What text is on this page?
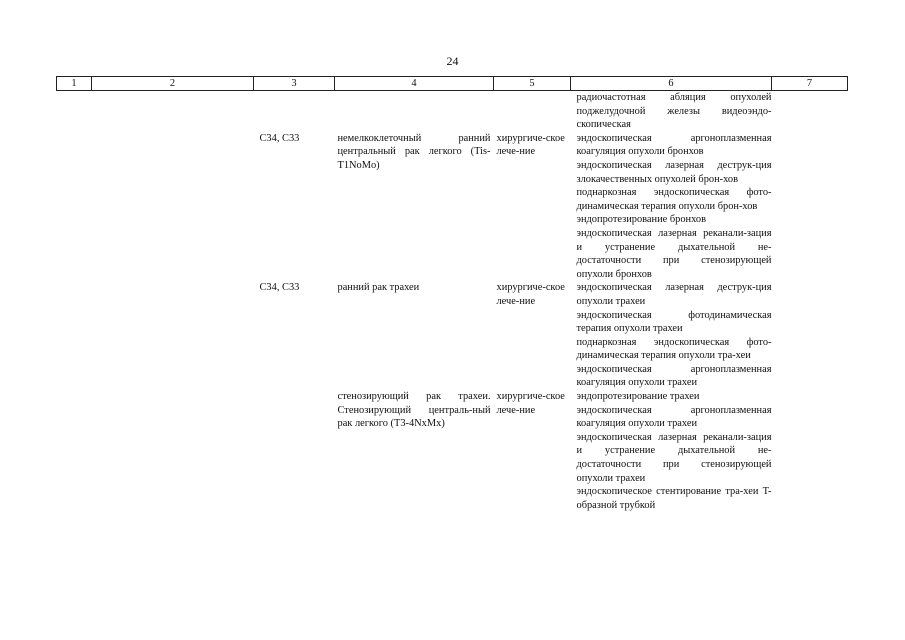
24
1	2	3	4	5	6	7

					радиочастотная абляция опухолей поджелудочной железы видеоэндо-скопическая	

		C34, C33	немелкоклеточный ранний центральный рак легкого (Tis-T1NoMo)	хирургиче-ское лече-ние	эндоскопическая аргоноплазменная коагуляция опухоли бронхов
эндоскопическая лазерная деструк-ция злокачественных опухолей брон-хов
поднаркозная эндоскопическая фото-динамическая терапия опухоли брон-хов
эндопротезирование бронхов
эндоскопическая лазерная реканали-зация и устранение дыхательной не-достаточности при стенозирующей опухоли бронхов	

		C34, C33	ранний рак трахеи	хирургиче-ское лече-ние	эндоскопическая лазерная деструк-ция опухоли трахеи
эндоскопическая фотодинамическая терапия опухоли трахеи
поднаркозная эндоскопическая фото-динамическая терапия опухоли тра-хеи
эндоскопическая аргоноплазменная коагуляция опухоли трахеи	

			стенозирующий рак трахеи. Стенозирующий централь-ный рак легкого (T3-4NxMx)	хирургиче-ское лече-ние	эндопротезирование трахеи
эндоскопическая аргоноплазменная коагуляция опухоли трахеи
эндоскопическая лазерная реканали-зация и устранение дыхательной не-достаточности при стенозирующей опухоли трахеи
эндоскопическое стентирование тра-хеи T-образной трубкой	
